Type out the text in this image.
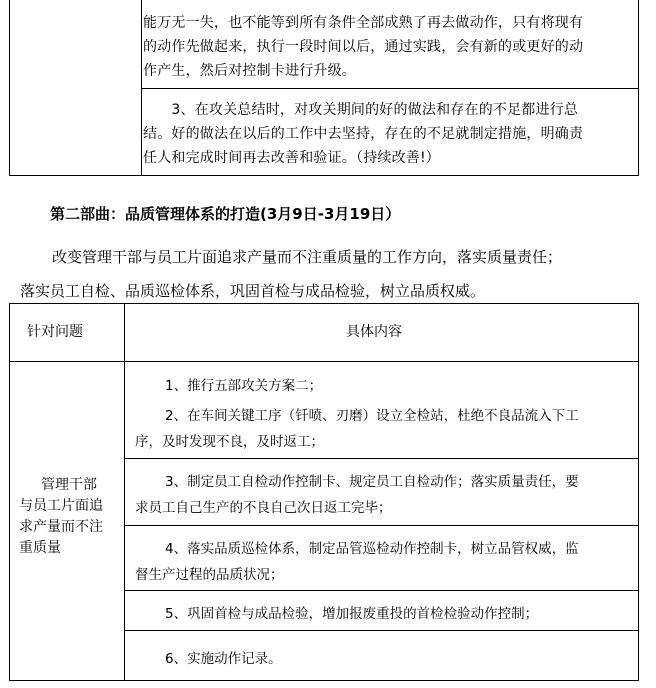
能万无一失，也不能等到所有条件全部成熟了再去做动作，只有将现有
的动作先做起来，执行一段时间以后，通过实践，会有新的或更好的动
作产生，然后对控制卡进行升级。
　　3、在攻关总结时，对攻关期间的好的做法和存在的不足都进行总
结。好的做法在以后的工作中去坚持，存在的不足就制定措施，明确责
任人和完成时间再去改善和验证。（持续改善!）
第二部曲：品质管理体系的打造(3月9日-3月19日）
改变管理干部与员工片面追求产量而不注重质量的工作方向，落实质量责任；
落实员工自检、品质巡检体系，巩固首检与成品检验，树立品质权威。
针对问题	具体内容
管理干部
与员工片面追
求产量而不注
重质量
1、推行五部攻关方案二；
2、在车间关键工序（钎喷、刃磨）设立全检站，杜绝不良品流入下工
序，及时发现不良，及时返工；
3、制定员工自检动作控制卡、规定员工自检动作；落实质量责任，要
求员工自己生产的不良自己次日返工完毕；
4、落实品质巡检体系，制定品管巡检动作控制卡，树立品管权威，监
督生产过程的品质状况；
5、巩固首检与成品检验，增加报废重投的首检检验动作控制；
6、实施动作记录。
